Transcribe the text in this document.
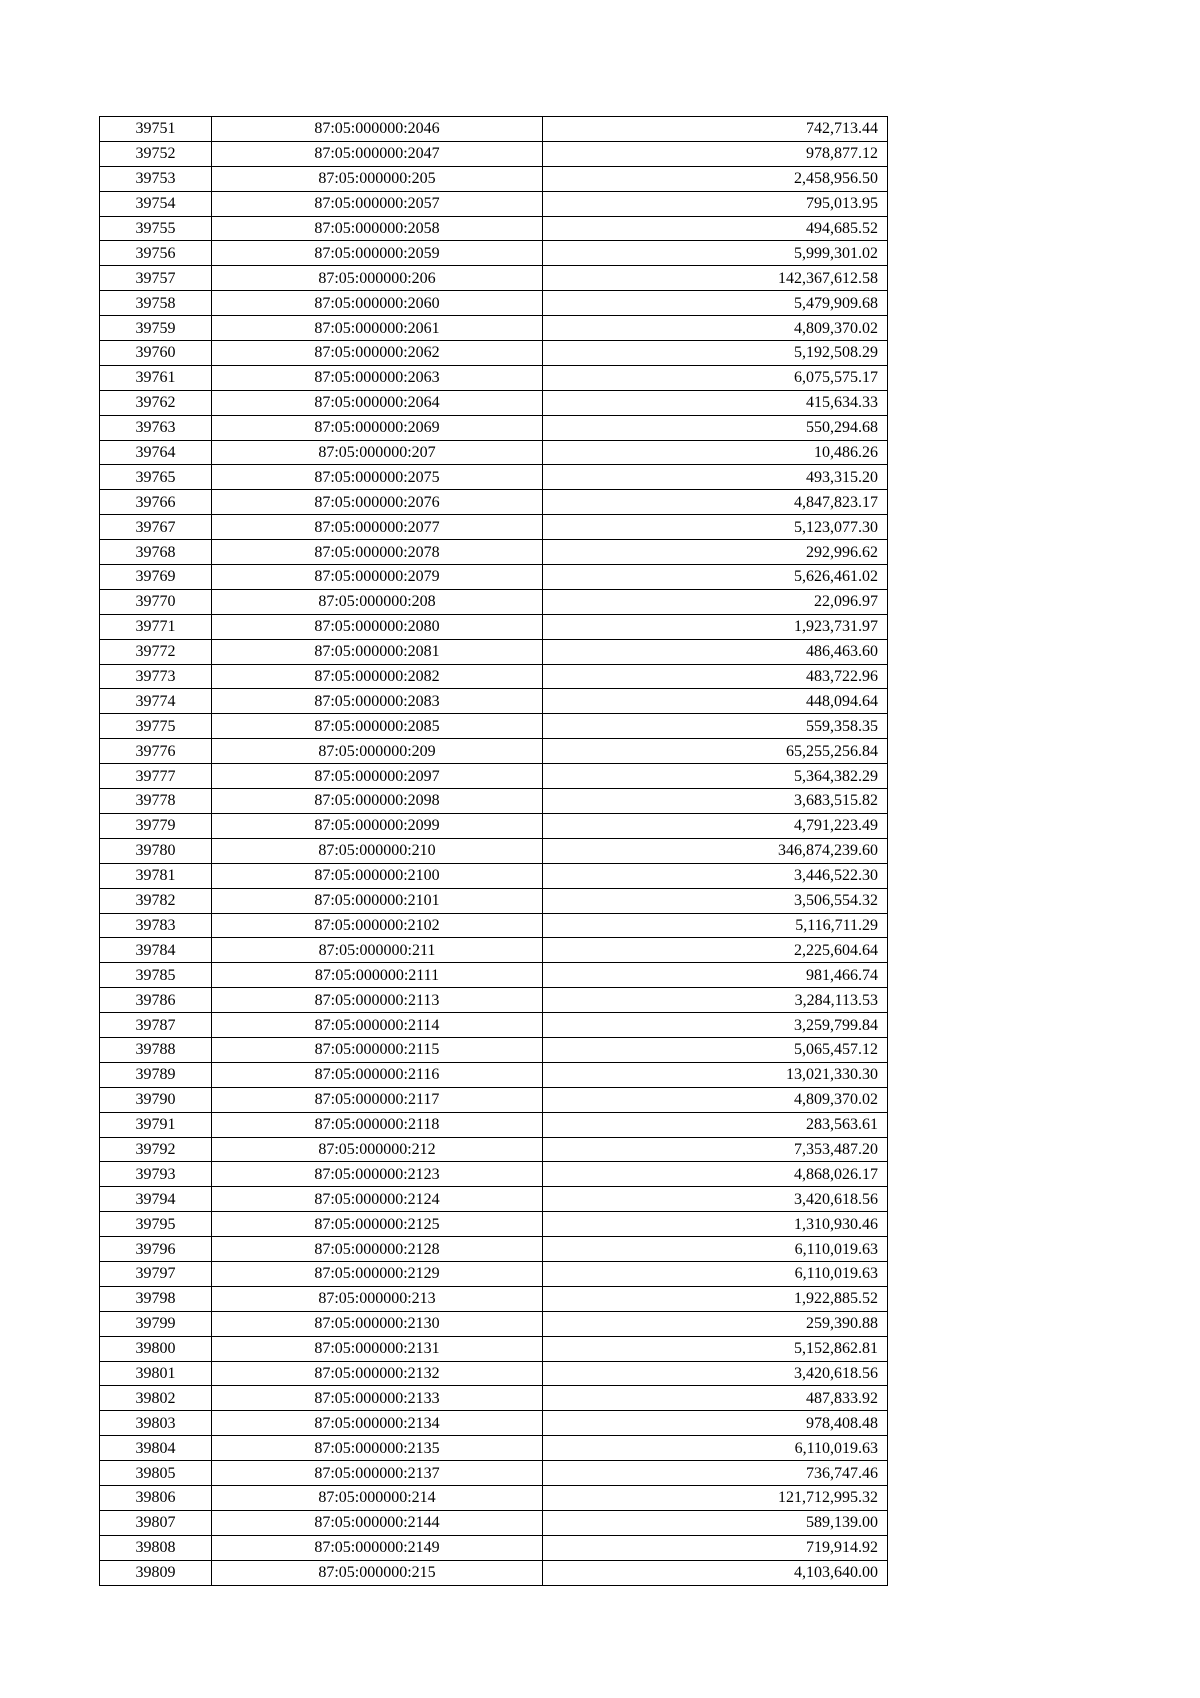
39751	87:05:000000:2046	742,713.44
39752	87:05:000000:2047	978,877.12
39753	87:05:000000:205	2,458,956.50
39754	87:05:000000:2057	795,013.95
39755	87:05:000000:2058	494,685.52
39756	87:05:000000:2059	5,999,301.02
39757	87:05:000000:206	142,367,612.58
39758	87:05:000000:2060	5,479,909.68
39759	87:05:000000:2061	4,809,370.02
39760	87:05:000000:2062	5,192,508.29
39761	87:05:000000:2063	6,075,575.17
39762	87:05:000000:2064	415,634.33
39763	87:05:000000:2069	550,294.68
39764	87:05:000000:207	10,486.26
39765	87:05:000000:2075	493,315.20
39766	87:05:000000:2076	4,847,823.17
39767	87:05:000000:2077	5,123,077.30
39768	87:05:000000:2078	292,996.62
39769	87:05:000000:2079	5,626,461.02
39770	87:05:000000:208	22,096.97
39771	87:05:000000:2080	1,923,731.97
39772	87:05:000000:2081	486,463.60
39773	87:05:000000:2082	483,722.96
39774	87:05:000000:2083	448,094.64
39775	87:05:000000:2085	559,358.35
39776	87:05:000000:209	65,255,256.84
39777	87:05:000000:2097	5,364,382.29
39778	87:05:000000:2098	3,683,515.82
39779	87:05:000000:2099	4,791,223.49
39780	87:05:000000:210	346,874,239.60
39781	87:05:000000:2100	3,446,522.30
39782	87:05:000000:2101	3,506,554.32
39783	87:05:000000:2102	5,116,711.29
39784	87:05:000000:211	2,225,604.64
39785	87:05:000000:2111	981,466.74
39786	87:05:000000:2113	3,284,113.53
39787	87:05:000000:2114	3,259,799.84
39788	87:05:000000:2115	5,065,457.12
39789	87:05:000000:2116	13,021,330.30
39790	87:05:000000:2117	4,809,370.02
39791	87:05:000000:2118	283,563.61
39792	87:05:000000:212	7,353,487.20
39793	87:05:000000:2123	4,868,026.17
39794	87:05:000000:2124	3,420,618.56
39795	87:05:000000:2125	1,310,930.46
39796	87:05:000000:2128	6,110,019.63
39797	87:05:000000:2129	6,110,019.63
39798	87:05:000000:213	1,922,885.52
39799	87:05:000000:2130	259,390.88
39800	87:05:000000:2131	5,152,862.81
39801	87:05:000000:2132	3,420,618.56
39802	87:05:000000:2133	487,833.92
39803	87:05:000000:2134	978,408.48
39804	87:05:000000:2135	6,110,019.63
39805	87:05:000000:2137	736,747.46
39806	87:05:000000:214	121,712,995.32
39807	87:05:000000:2144	589,139.00
39808	87:05:000000:2149	719,914.92
39809	87:05:000000:215	4,103,640.00
